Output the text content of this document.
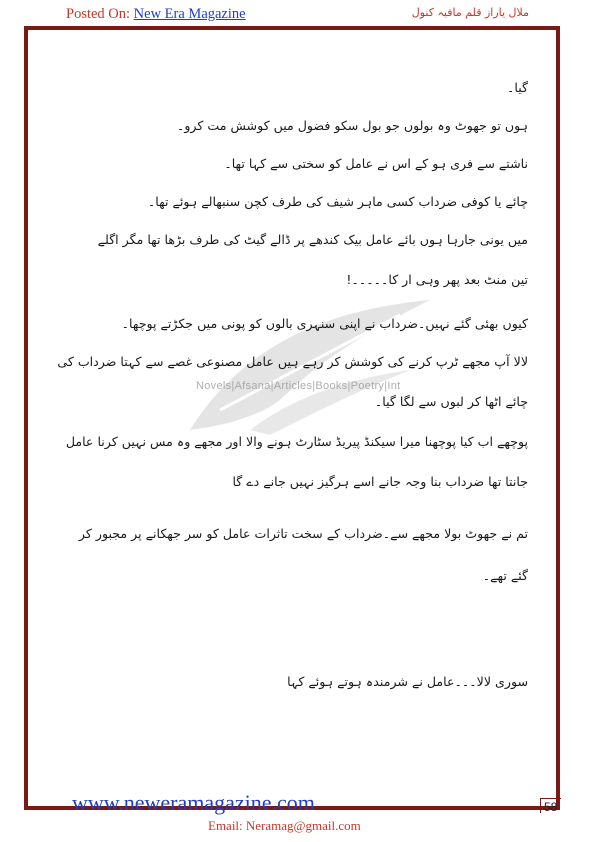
Posted On: New Era Magazine	ملال یاراز قلم مافیہ کنول
Novels|Afsana|Articles|Books|Poetry|Int
گیا۔
ہوں تو جھوٹ وہ بولوں جو بول سکو فضول میں کوشش مت کرو۔
ناشتے سے فری ہو کے اس نے عامل کو سختی سے کہا تھا۔
چائے یا کوفی ضرداب کسی ماہر شیف کی طرف کچن سنبھالے ہوئے تھا۔
میں یونی جارہا ہوں بائے عامل بیک کندھے پر ڈالے گیٹ کی طرف بڑھا تھا مگر اگلے
تین منٹ بعد پھر وہی ار کا۔۔۔۔۔!
کیوں بھئی گئے نہیں۔ضرداب نے اپنی سنہری بالوں کو پونی میں جکڑتے پوچھا۔
لالا آپ مجھے ٹرپ کرنے کی کوشش کر رہے ہیں عامل مصنوعی غصے سے کہتا ضرداب کی
چائے اٹھا کر لبوں سے لگا گیا۔
پوچھے اب کیا پوچھنا میرا سیکنڈ پیریڈ سٹارٹ ہونے والا اور مجھے وہ مس نہیں کرنا عامل
جانتا تھا ضرداب بنا وجہ جانے اسے ہرگیز نہیں جانے دے گا
تم نے جھوٹ بولا مجھے سے۔ضرداب کے سخت تاثرات عامل کو سر جھکانے پر مجبور کر
گئے تھے۔
سوری لالا۔۔۔عامل نے شرمندہ ہوتے ہوئے کہا
www.neweramagazine.com	58
Email: Neramag@gmail.com
